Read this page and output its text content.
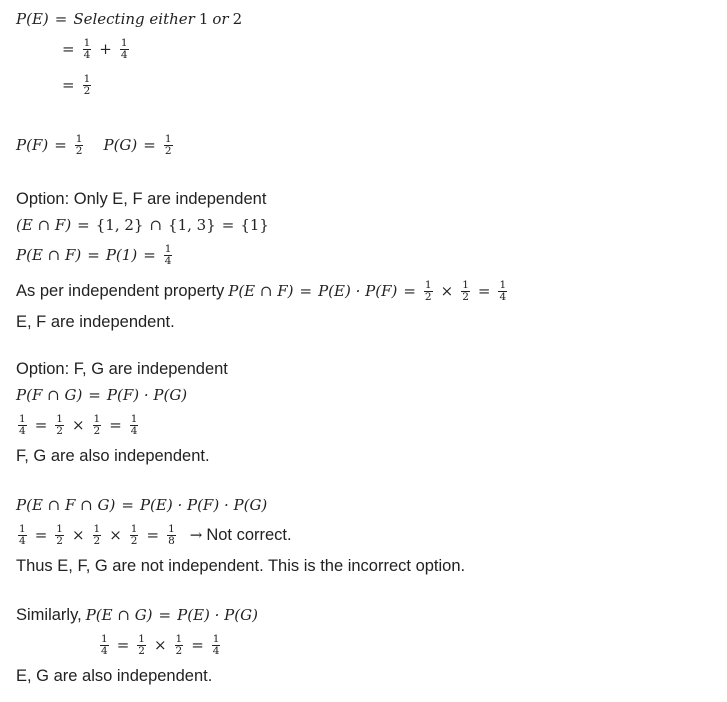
P(E) = Selecting either 1 or 2
= $\frac{1}{4} + \frac{1}{4}$
= $\frac{1}{2}$
$P(F) = \frac{1}{2} P(G) = \frac{1}{2}$
Option: Only E, F are independent
(E ∩ F) = {1, 2} ∩ {1, 3} = {1}
P(E ∩ $F) = P(1) = \frac{1}{4}$
As per independent property P(E ∩ $F) = P(E) \cdot P(F) = \frac{1}{2} \times \frac{1}{2} = \frac{1}{4}$
E, F are independent.
Option: F, G are independent
P(F ∩ G) = P(F) · P(G)
$\frac{1}{4} = \frac{1}{2} \times \frac{1}{2} = \frac{1}{4}$
F, G are also independent.
P(E ∩ F ∩ G) = P(E) · P(F) · P(G)
$\frac{1}{4} = \frac{1}{2} \times \frac{1}{2} \times \frac{1}{2} = \frac{1}{8}$ → Not correct.
Thus E, F, G are not independent. This is the incorrect option.
Similarly, P(E ∩ G) = P(E) · P(G)
$\frac{1}{4} = \frac{1}{2} \times \frac{1}{2} = \frac{1}{4}$
E, G are also independent.
